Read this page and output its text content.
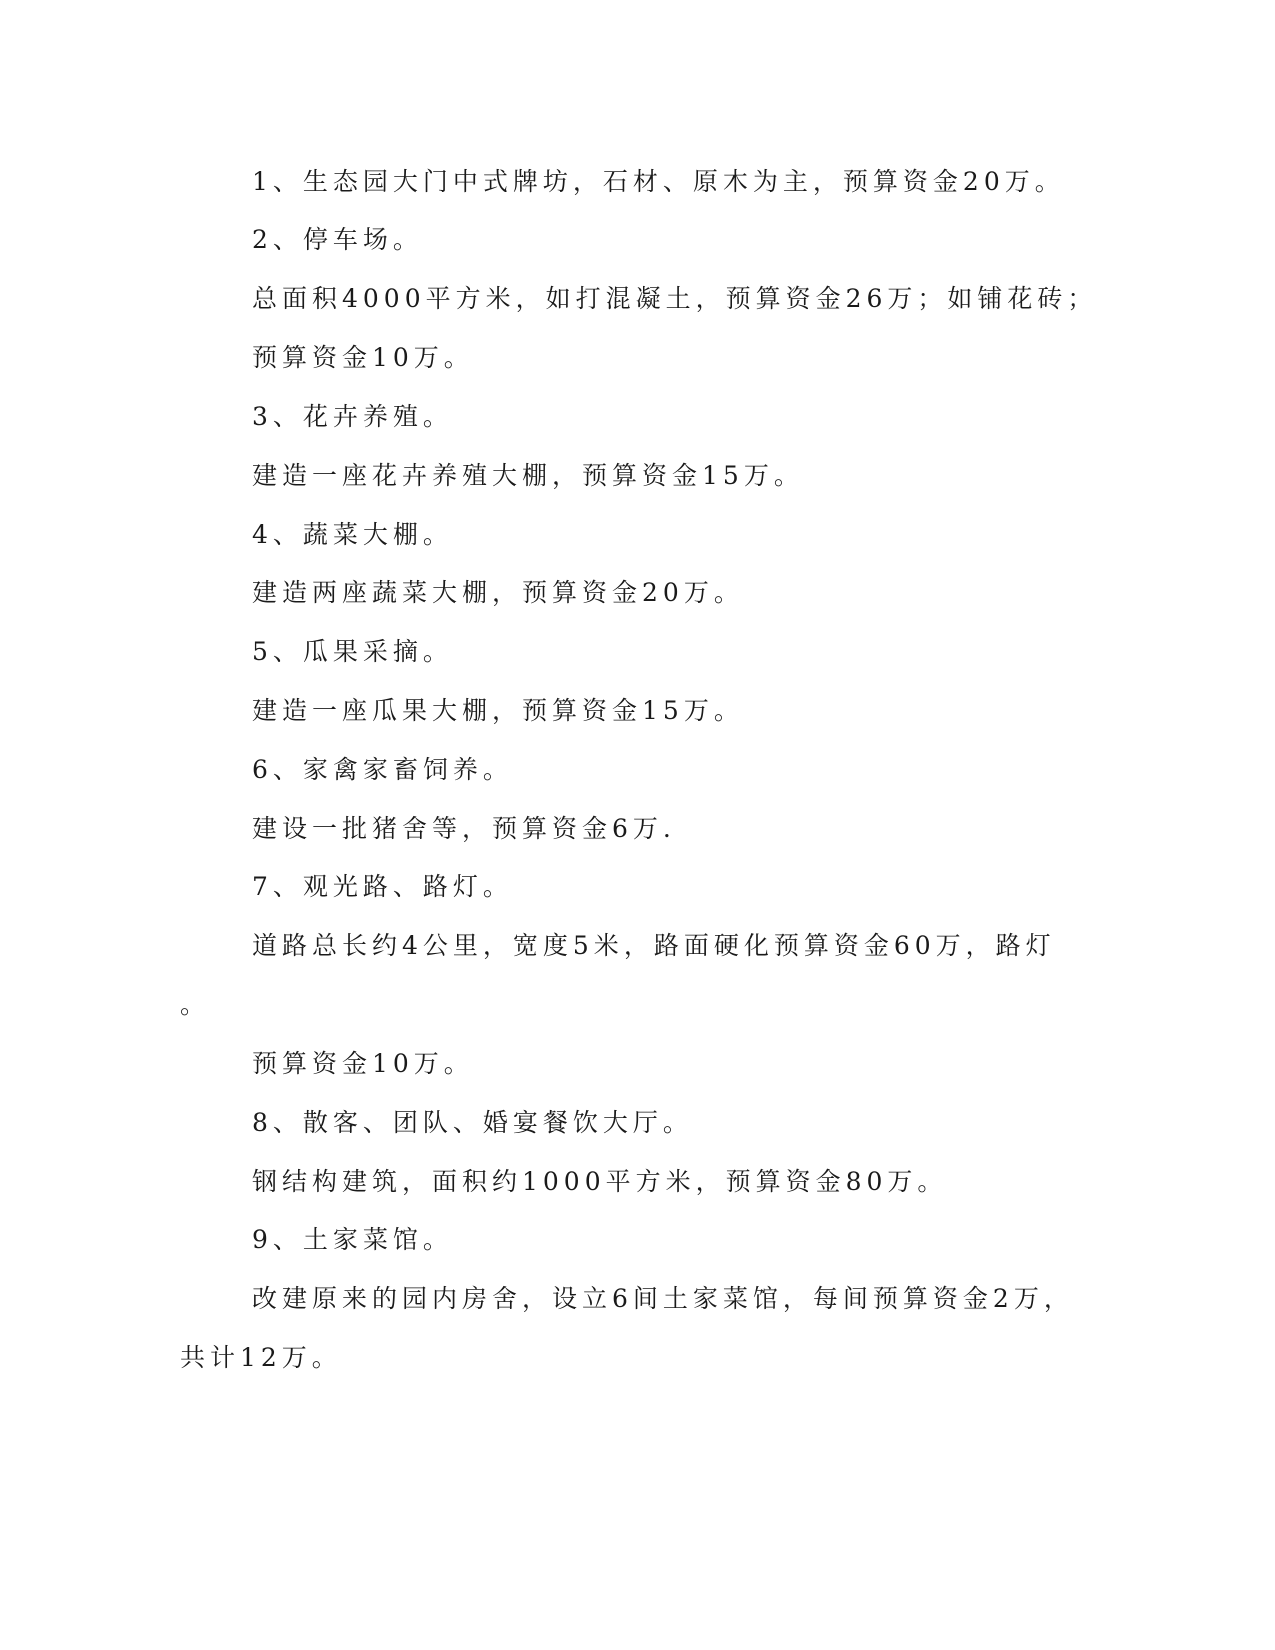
1、生态园大门中式牌坊，石材、原木为主，预算资金20万。

2、停车场。

总面积4000平方米，如打混凝土，预算资金26万；如铺花砖；

预算资金10万。

3、花卉养殖。

建造一座花卉养殖大棚，预算资金15万。

4、蔬菜大棚。

建造两座蔬菜大棚，预算资金20万。

5、瓜果采摘。

建造一座瓜果大棚，预算资金15万。

6、家禽家畜饲养。

建设一批猪舍等，预算资金6万.

7、观光路、路灯。

道路总长约4公里，宽度5米，路面硬化预算资金60万，路灯

。

预算资金10万。

8、散客、团队、婚宴餐饮大厅。

钢结构建筑，面积约1000平方米，预算资金80万。

9、土家菜馆。

改建原来的园内房舍，设立6间土家菜馆，每间预算资金2万，

共计12万。
